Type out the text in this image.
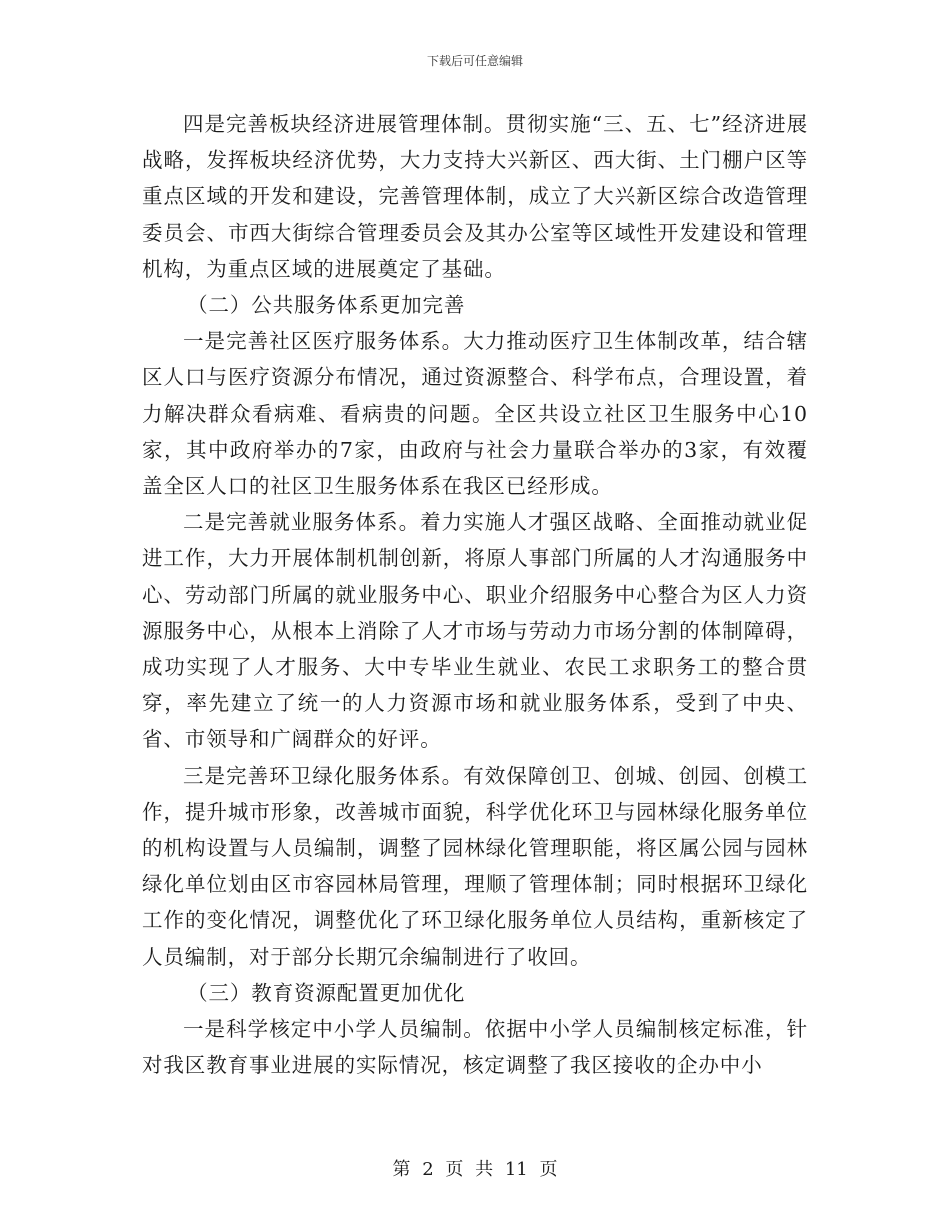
下载后可任意编辑

四是完善板块经济进展管理体制。贯彻实施“三、五、七”经济进展战略，发挥板块经济优势，大力支持大兴新区、西大街、土门棚户区等重点区域的开发和建设，完善管理体制，成立了大兴新区综合改造管理委员会、市西大街综合管理委员会及其办公室等区域性开发建设和管理机构，为重点区域的进展奠定了基础。

（二）公共服务体系更加完善

一是完善社区医疗服务体系。大力推动医疗卫生体制改革，结合辖区人口与医疗资源分布情况，通过资源整合、科学布点，合理设置，着力解决群众看病难、看病贵的问题。全区共设立社区卫生服务中心10家，其中政府举办的7家，由政府与社会力量联合举办的3家，有效覆盖全区人口的社区卫生服务体系在我区已经形成。

二是完善就业服务体系。着力实施人才强区战略、全面推动就业促进工作，大力开展体制机制创新，将原人事部门所属的人才沟通服务中心、劳动部门所属的就业服务中心、职业介绍服务中心整合为区人力资源服务中心，从根本上消除了人才市场与劳动力市场分割的体制障碍，成功实现了人才服务、大中专毕业生就业、农民工求职务工的整合贯穿，率先建立了统一的人力资源市场和就业服务体系，受到了中央、省、市领导和广阔群众的好评。

三是完善环卫绿化服务体系。有效保障创卫、创城、创园、创模工作，提升城市形象，改善城市面貌，科学优化环卫与园林绿化服务单位的机构设置与人员编制，调整了园林绿化管理职能，将区属公园与园林绿化单位划由区市容园林局管理，理顺了管理体制；同时根据环卫绿化工作的变化情况，调整优化了环卫绿化服务单位人员结构，重新核定了人员编制，对于部分长期冗余编制进行了收回。

（三）教育资源配置更加优化

一是科学核定中小学人员编制。依据中小学人员编制核定标准，针对我区教育事业进展的实际情况，核定调整了我区接收的企办中小

第 2 页 共 11 页
